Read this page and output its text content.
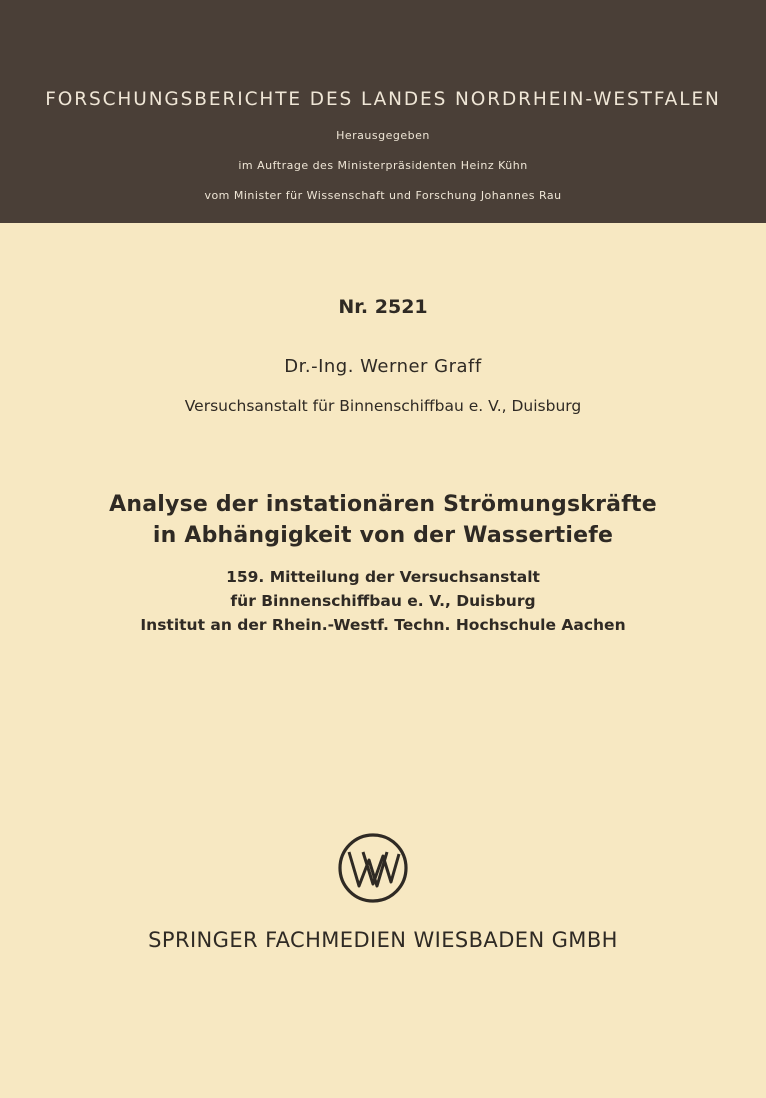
FORSCHUNGSBERICHTE DES LANDES NORDRHEIN-WESTFALEN
Herausgegeben
im Auftrage des Ministerpräsidenten Heinz Kühn
vom Minister für Wissenschaft und Forschung Johannes Rau
Nr. 2521
Dr.-Ing. Werner Graff
Versuchsanstalt für Binnenschiffbau e. V., Duisburg
Analyse der instationären Strömungskräfte
in Abhängigkeit von der Wassertiefe
159. Mitteilung der Versuchsanstalt
für Binnenschiffbau e. V., Duisburg
Institut an der Rhein.-Westf. Techn. Hochschule Aachen
SPRINGER FACHMEDIEN WIESBADEN GMBH
